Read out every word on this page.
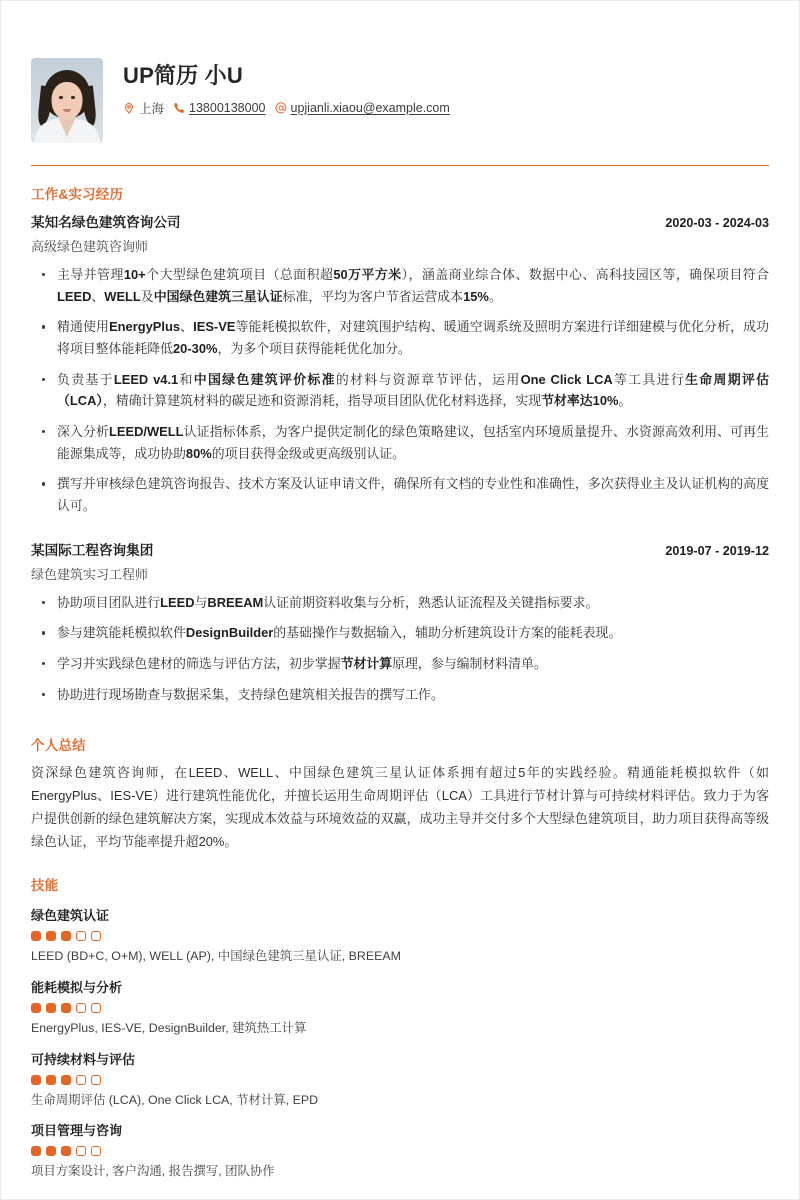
UP简历 小U
上海 13800138000 upjianli.xiaou@example.com
工作&实习经历
某知名绿色建筑咨询公司	2020-03 - 2024-03
高级绿色建筑咨询师
主导并管理10+个大型绿色建筑项目（总面积超50万平方米），涵盖商业综合体、数据中心、高科技园区等，确保项目符合LEED、WELL及中国绿色建筑三星认证标准，平均为客户节省运营成本15%。
精通使用EnergyPlus、IES-VE等能耗模拟软件，对建筑围护结构、暖通空调系统及照明方案进行详细建模与优化分析，成功将项目整体能耗降低20-30%，为多个项目获得能耗优化加分。
负责基于LEED v4.1和中国绿色建筑评价标准的材料与资源章节评估，运用One Click LCA等工具进行生命周期评估（LCA），精确计算建筑材料的碳足迹和资源消耗，指导项目团队优化材料选择，实现节材率达10%。
深入分析LEED/WELL认证指标体系，为客户提供定制化的绿色策略建议，包括室内环境质量提升、水资源高效利用、可再生能源集成等，成功协助80%的项目获得金级或更高级别认证。
撰写并审核绿色建筑咨询报告、技术方案及认证申请文件，确保所有文档的专业性和准确性，多次获得业主及认证机构的高度认可。
某国际工程咨询集团	2019-07 - 2019-12
绿色建筑实习工程师
协助项目团队进行LEED与BREEAM认证前期资料收集与分析，熟悉认证流程及关键指标要求。
参与建筑能耗模拟软件DesignBuilder的基础操作与数据输入，辅助分析建筑设计方案的能耗表现。
学习并实践绿色建材的筛选与评估方法，初步掌握节材计算原理，参与编制材料清单。
协助进行现场勘查与数据采集，支持绿色建筑相关报告的撰写工作。
个人总结

资深绿色建筑咨询师，在LEED、WELL、中国绿色建筑三星认证体系拥有超过5年的实践经验。精通能耗模拟软件（如EnergyPlus、IES-VE）进行建筑性能优化，并擅长运用生命周期评估（LCA）工具进行节材计算与可持续材料评估。致力于为客户提供创新的绿色建筑解决方案，实现成本效益与环境效益的双赢，成功主导并交付多个大型绿色建筑项目，助力项目获得高等级绿色认证，平均节能率提升超20%。

技能
绿色建筑认证
LEED (BD+C, O+M), WELL (AP), 中国绿色建筑三星认证, BREEAM
能耗模拟与分析
EnergyPlus, IES-VE, DesignBuilder, 建筑热工计算
可持续材料与评估
生命周期评估 (LCA), One Click LCA, 节材计算, EPD
项目管理与咨询
项目方案设计, 客户沟通, 报告撰写, 团队协作
